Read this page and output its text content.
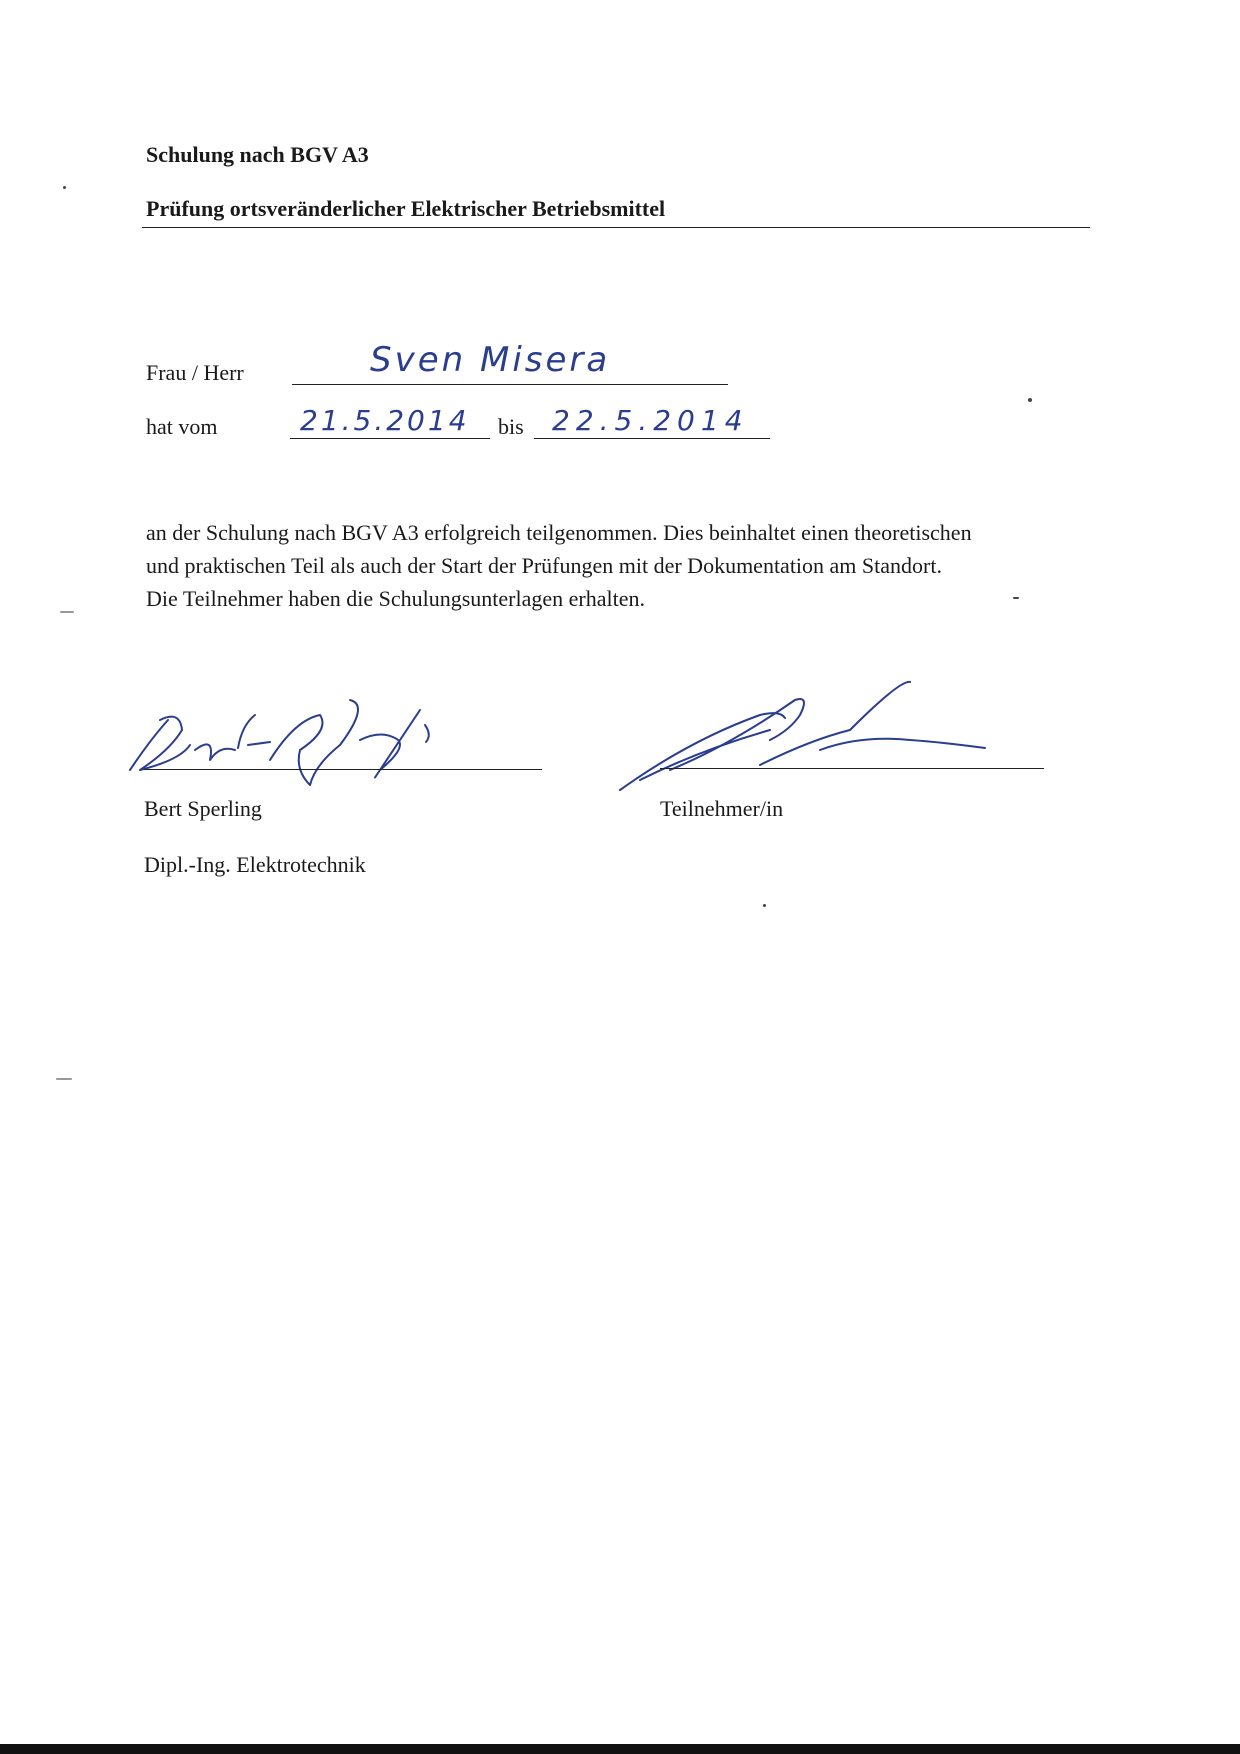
Schulung nach BGV A3
Prüfung ortsveränderlicher Elektrischer Betriebsmittel
Frau / Herr	Sven Misera
hat vom	21.5.2014 bis 22.5.2014
an der Schulung nach BGV A3 erfolgreich teilgenommen. Dies beinhaltet einen theoretischen
und praktischen Teil als auch der Start der Prüfungen mit der Dokumentation am Standort.
Die Teilnehmer haben die Schulungsunterlagen erhalten.
Bert Sperling
Dipl.-Ing. Elektrotechnik
Teilnehmer/in
